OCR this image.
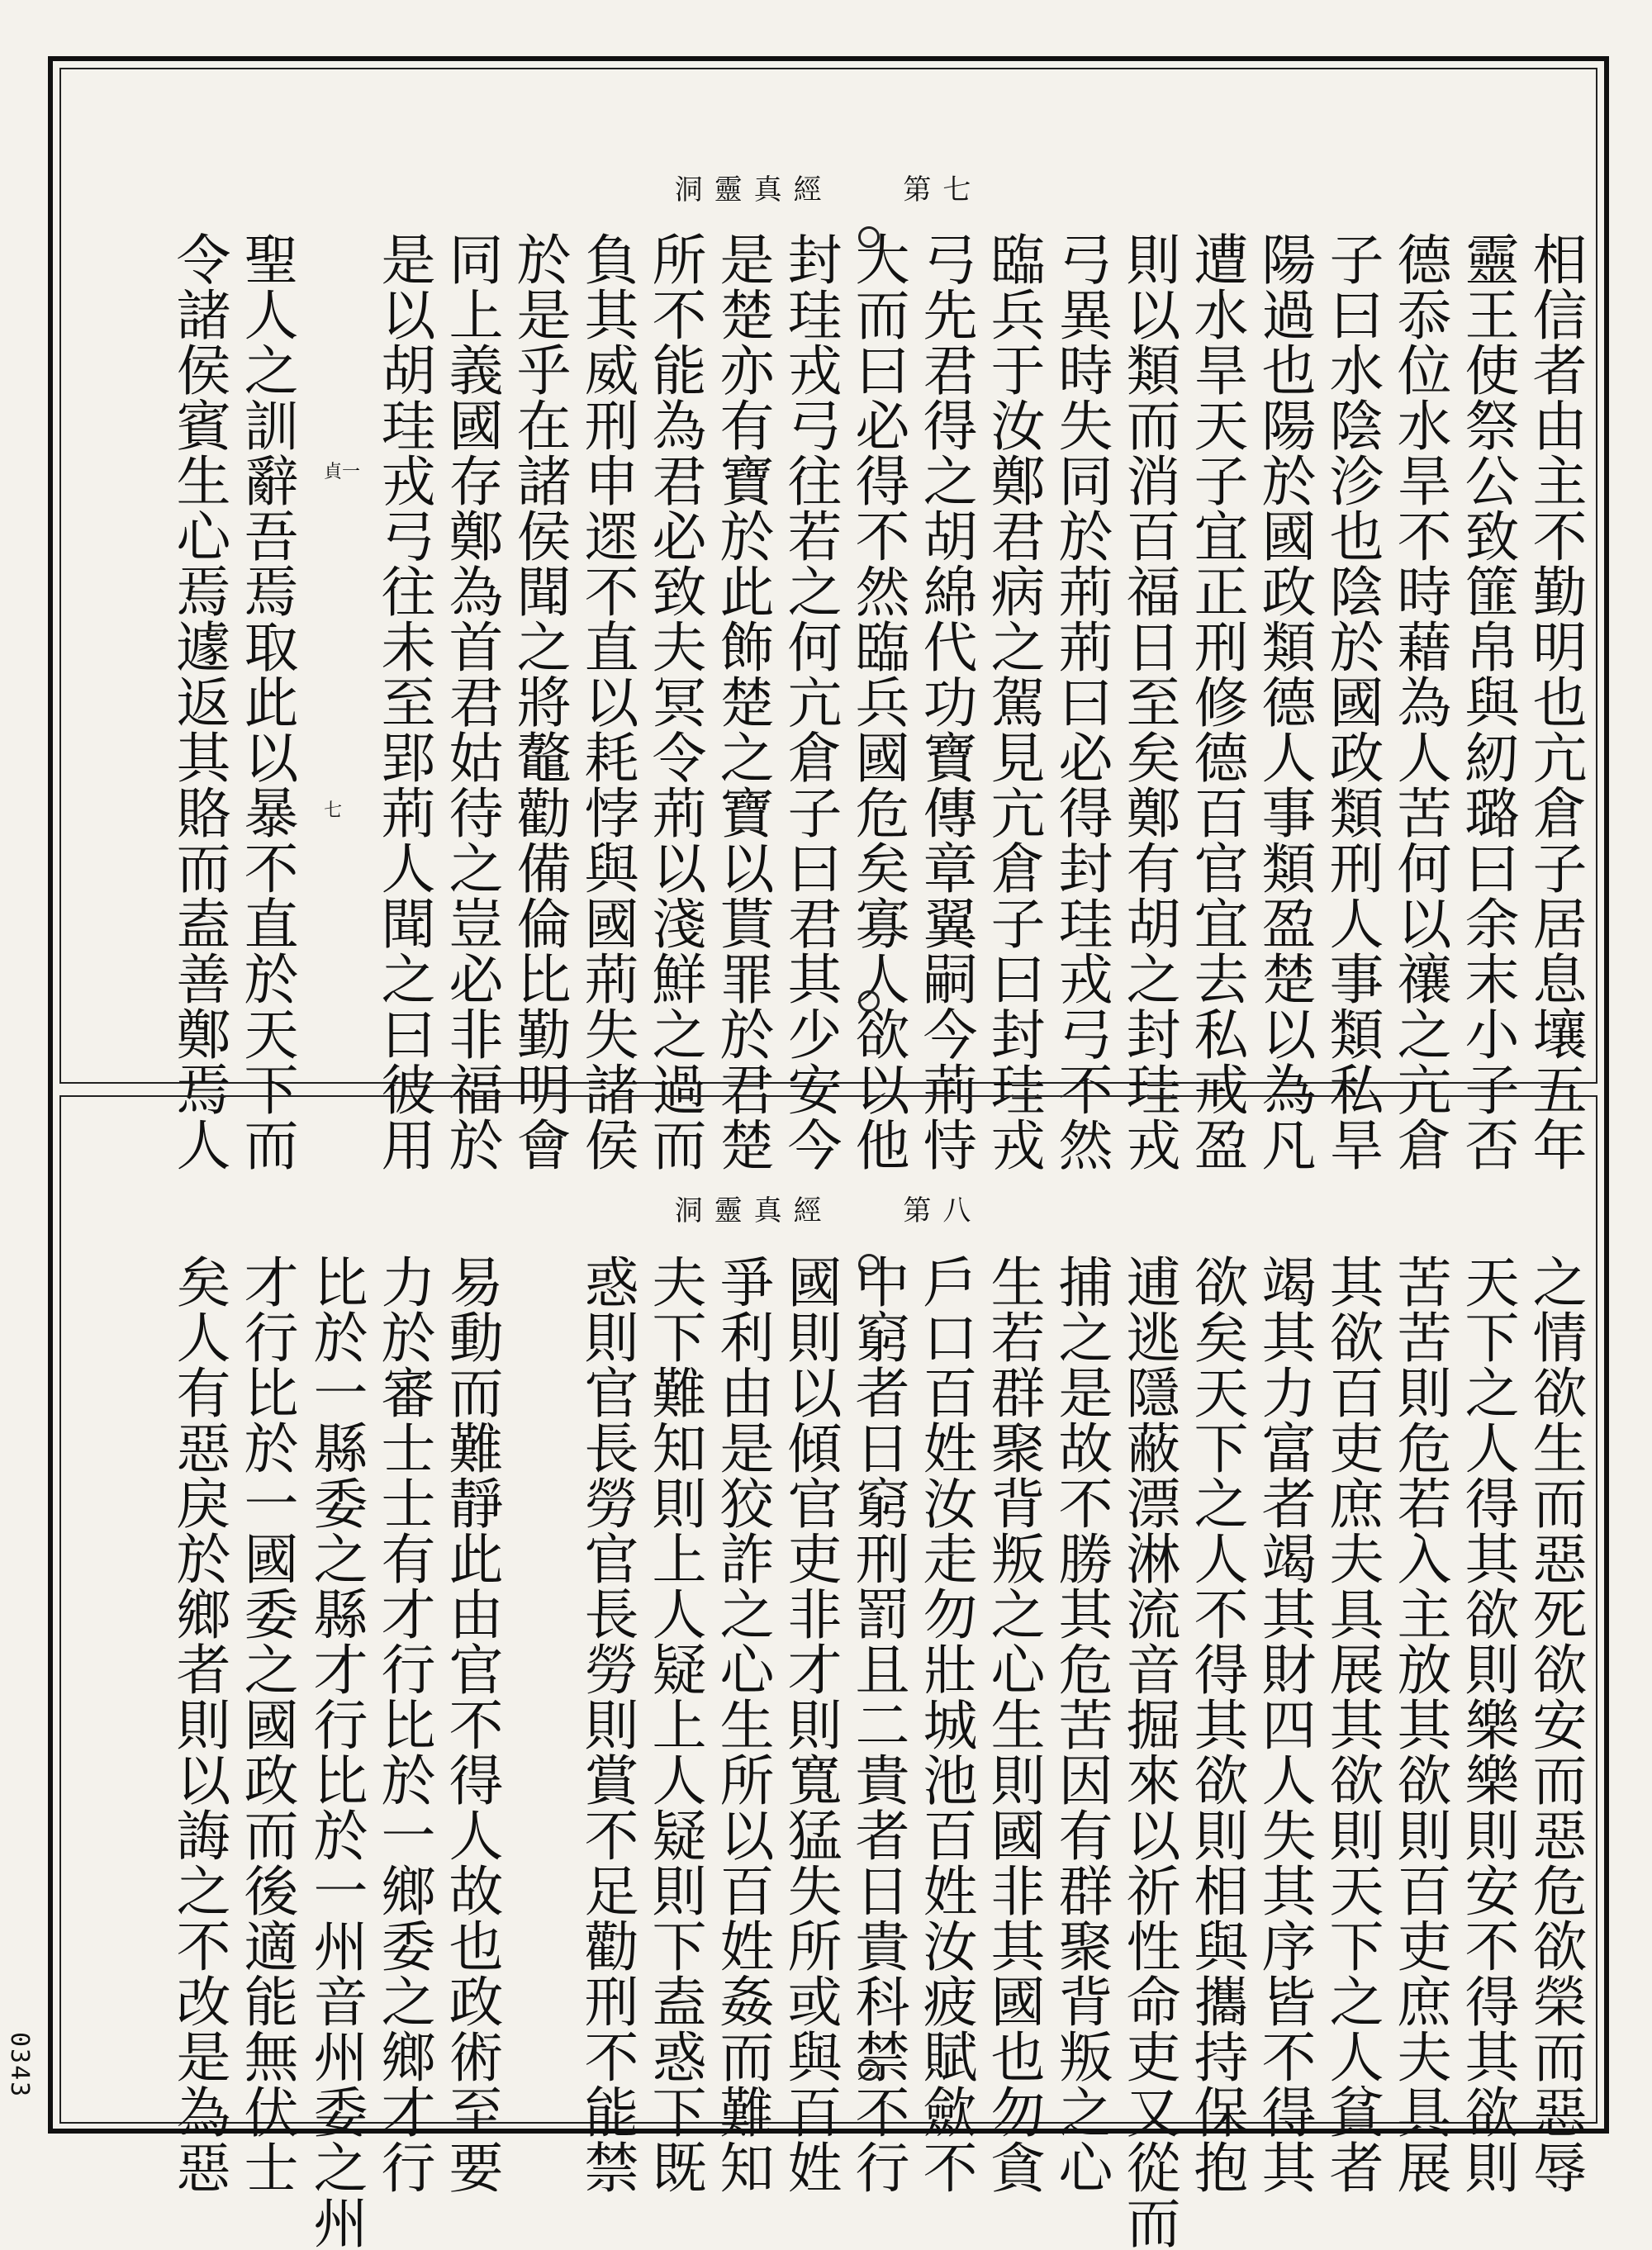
洞靈真經 第七
相信者由主不勤明也亢倉子居息壤五年
靈王使祭公致篚帛與紉璐曰余末小子否
德忝位水旱不時藉為人苦何以禳之亢倉
子曰水陰沴也陰於國政類刑人事類私旱
陽過也陽於國政類德人事類盈楚以為凡
遭水旱天子宜正刑修德百官宜去私戒盈
則以類而消百福日至矣鄭有胡之封珪戎
弓異時失同於荊荊曰必得封珪戎弓不然
臨兵于汝鄭君病之駕見亢倉子曰封珪戎
弓先君得之胡綿代功寶傳章翼嗣今荊恃
大而曰必得不然臨兵國危矣寡人欲以他
封珪戎弓往若之何亢倉子曰君其少安今
是楚亦有寶於此飾楚之寶以貰罪於君楚
所不能為君必致夫冥令荊以淺鮮之過而
負其威刑申遝不直以耗悖與國荊失諸侯
於是乎在諸侯聞之將鼇勸備倫比勤明會
同上義國存鄭為首君姑待之豈必非福於
是以胡珪戎弓往未至郢荊人聞之曰彼用
聖人之訓辭吾焉取此以暴不直於天下而
令諸侯賓生心焉遽返其賂而盍善鄭焉人	貞一
七
洞靈真經 第八
之情欲生而惡死欲安而惡危欲榮而惡辱
天下之人得其欲則樂樂則安不得其欲則
苦苦則危若入主放其欲則百吏庶夫具展
其欲百吏庶夫具展其欲則天下之人貧者
竭其力富者竭其財四人失其序皆不得其
欲矣天下之人不得其欲則相與攜持保抱
逋逃隱蔽漂淋流音掘來以祈性命吏又從而
捕之是故不勝其危苦因有群聚背叛之心
生若群聚背叛之心生則國非其國也勿貪
戶口百姓汝走勿壯城池百姓汝疲賦歛不
中窮者日窮刑罰且二貴者日貴科禁不行
國則以傾官吏非才則寬猛失所或與百姓
爭利由是狡詐之心生所以百姓姦而難知
夫下難知則上人疑上人疑則下盍惑下既
惑則官長勞官長勞則賞不足勸刑不能禁
易動而難靜此由官不得人故也政術至要
力於審士士有才行比於一鄉委之鄉才行
比於一縣委之縣才行比於一州音州委之州
才行比於一國委之國政而後適能無伏士
矣人有惡戾於鄉者則以誨之不改是為惡
0343
